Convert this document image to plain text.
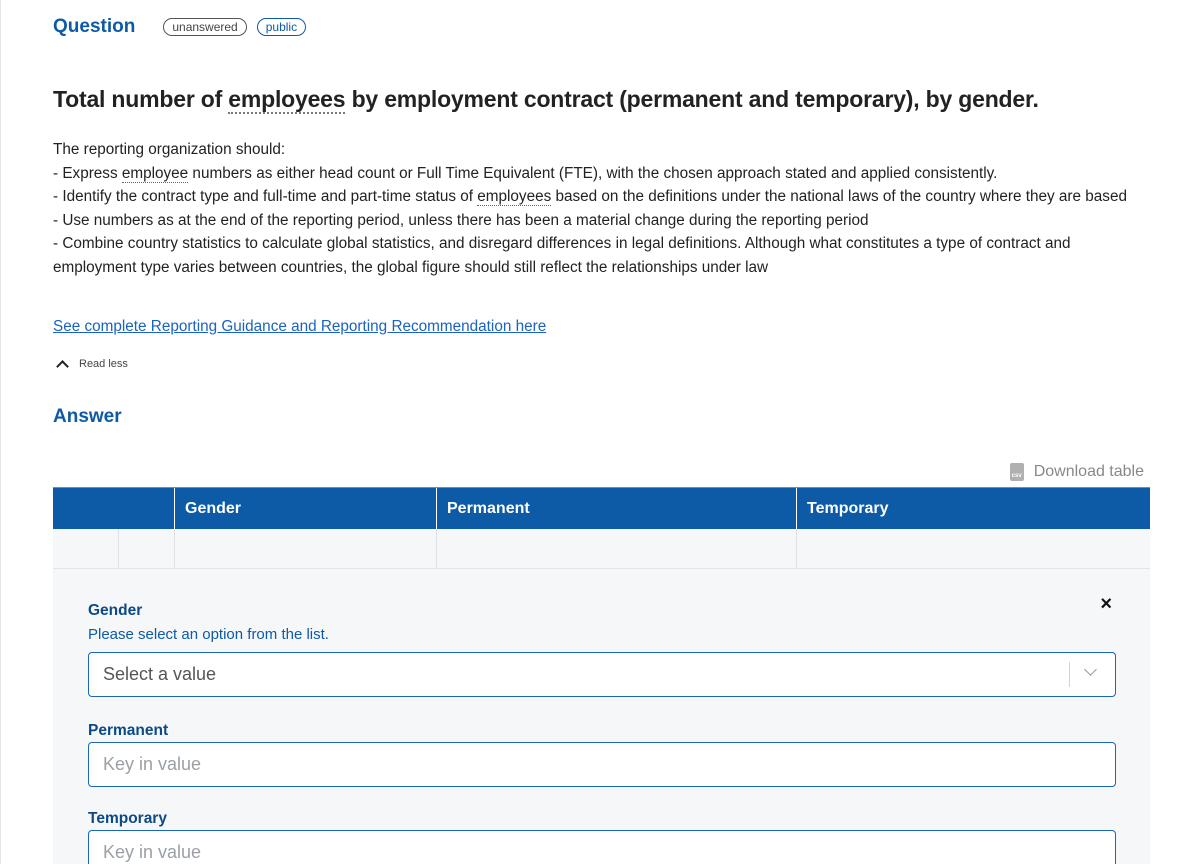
Question	unanswered	public
Total number of employees by employment contract (permanent and temporary), by gender.
The reporting organization should:
- Express employee numbers as either head count or Full Time Equivalent (FTE), with the chosen approach stated and applied consistently.
- Identify the contract type and full-time and part-time status of employees based on the definitions under the national laws of the country where they are based
- Use numbers as at the end of the reporting period, unless there has been a material change during the reporting period
- Combine country statistics to calculate global statistics, and disregard differences in legal definitions. Although what constitutes a type of contract and employment type varies between countries, the global figure should still reflect the relationships under law
See complete Reporting Guidance and Reporting Recommendation here
Read less
Answer
csv
Download table
Gender	Permanent	Temporary
×
Gender
Please select an option from the list.
Select a value
Permanent
Key in value
Temporary
Key in value
